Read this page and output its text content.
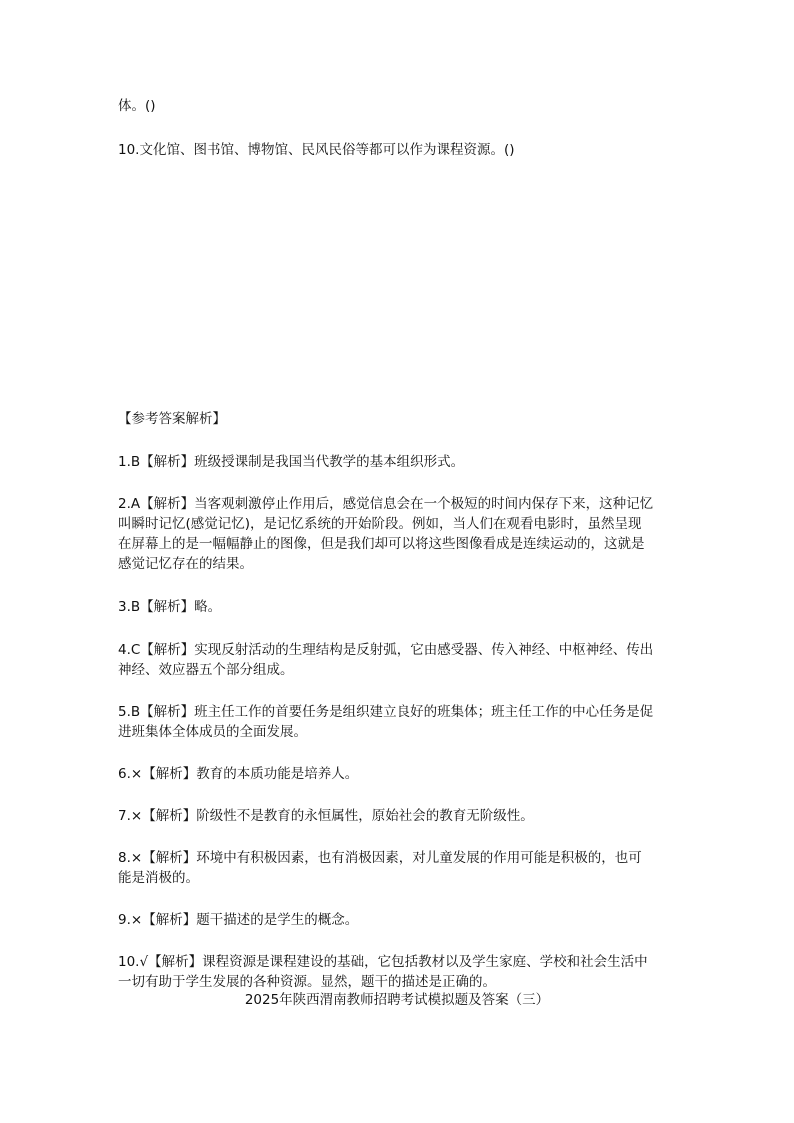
体。()

10.文化馆、图书馆、博物馆、民风民俗等都可以作为课程资源。()

【参考答案解析】

1.B【解析】班级授课制是我国当代教学的基本组织形式。

2.A【解析】当客观刺激停止作用后，感觉信息会在一个极短的时间内保存下来，这种记忆

叫瞬时记忆(感觉记忆)，是记忆系统的开始阶段。例如，当人们在观看电影时，虽然呈现

在屏幕上的是一幅幅静止的图像，但是我们却可以将这些图像看成是连续运动的，这就是

感觉记忆存在的结果。

3.B【解析】略。

4.C【解析】实现反射活动的生理结构是反射弧，它由感受器、传入神经、中枢神经、传出

神经、效应器五个部分组成。

5.B【解析】班主任工作的首要任务是组织建立良好的班集体；班主任工作的中心任务是促

进班集体全体成员的全面发展。

6.×【解析】教育的本质功能是培养人。

7.×【解析】阶级性不是教育的永恒属性，原始社会的教育无阶级性。

8.×【解析】环境中有积极因素，也有消极因素，对儿童发展的作用可能是积极的，也可

能是消极的。

9.×【解析】题干描述的是学生的概念。

10.√【解析】课程资源是课程建设的基础，它包括教材以及学生家庭、学校和社会生活中

一切有助于学生发展的各种资源。显然，题干的描述是正确的。

2025年陕西渭南教师招聘考试模拟题及答案（三）
